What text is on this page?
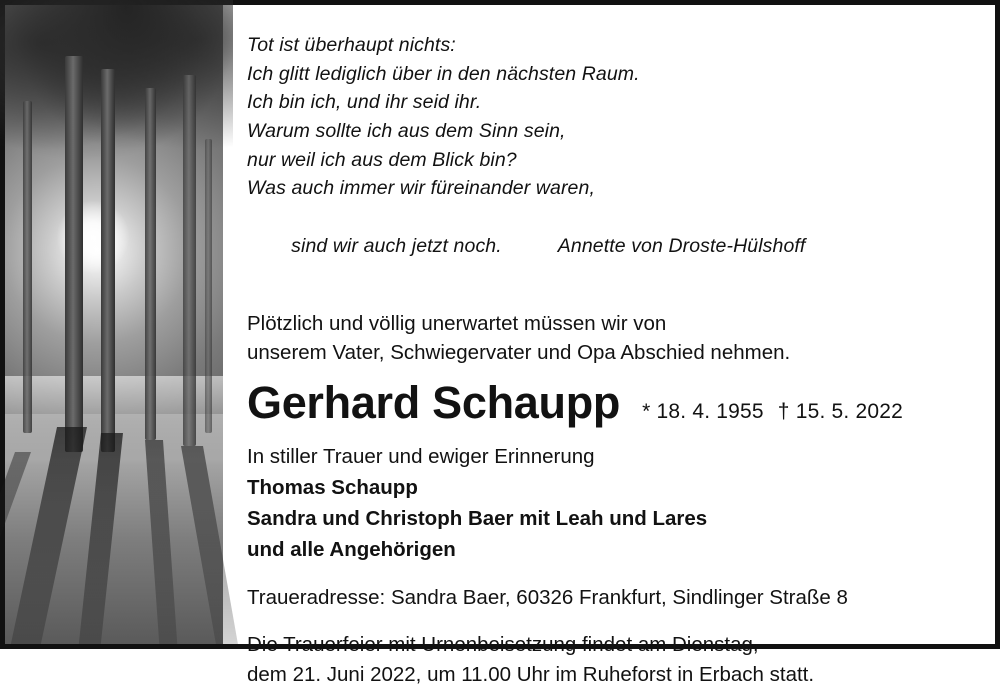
Tot ist überhaupt nichts:
Ich glitt lediglich über in den nächsten Raum.
Ich bin ich, und ihr seid ihr.
Warum sollte ich aus dem Sinn sein,
nur weil ich aus dem Blick bin?
Was auch immer wir füreinander waren,

sind wir auch jetzt noch.	Annette von Droste-Hülshoff

Plötzlich und völlig unerwartet müssen wir von
unserem Vater, Schwiegervater und Opa Abschied nehmen.
Gerhard Schaupp * 18. 4. 1955 † 15. 5. 2022
In stiller Trauer und ewiger Erinnerung
Thomas Schaupp
Sandra und Christoph Baer mit Leah und Lares
und alle Angehörigen
Traueradresse: Sandra Baer, 60326 Frankfurt, Sindlinger Straße 8
Die Trauerfeier mit Urnenbeisetzung findet am Dienstag,
dem 21. Juni 2022, um 11.00 Uhr im Ruheforst in Erbach statt.
